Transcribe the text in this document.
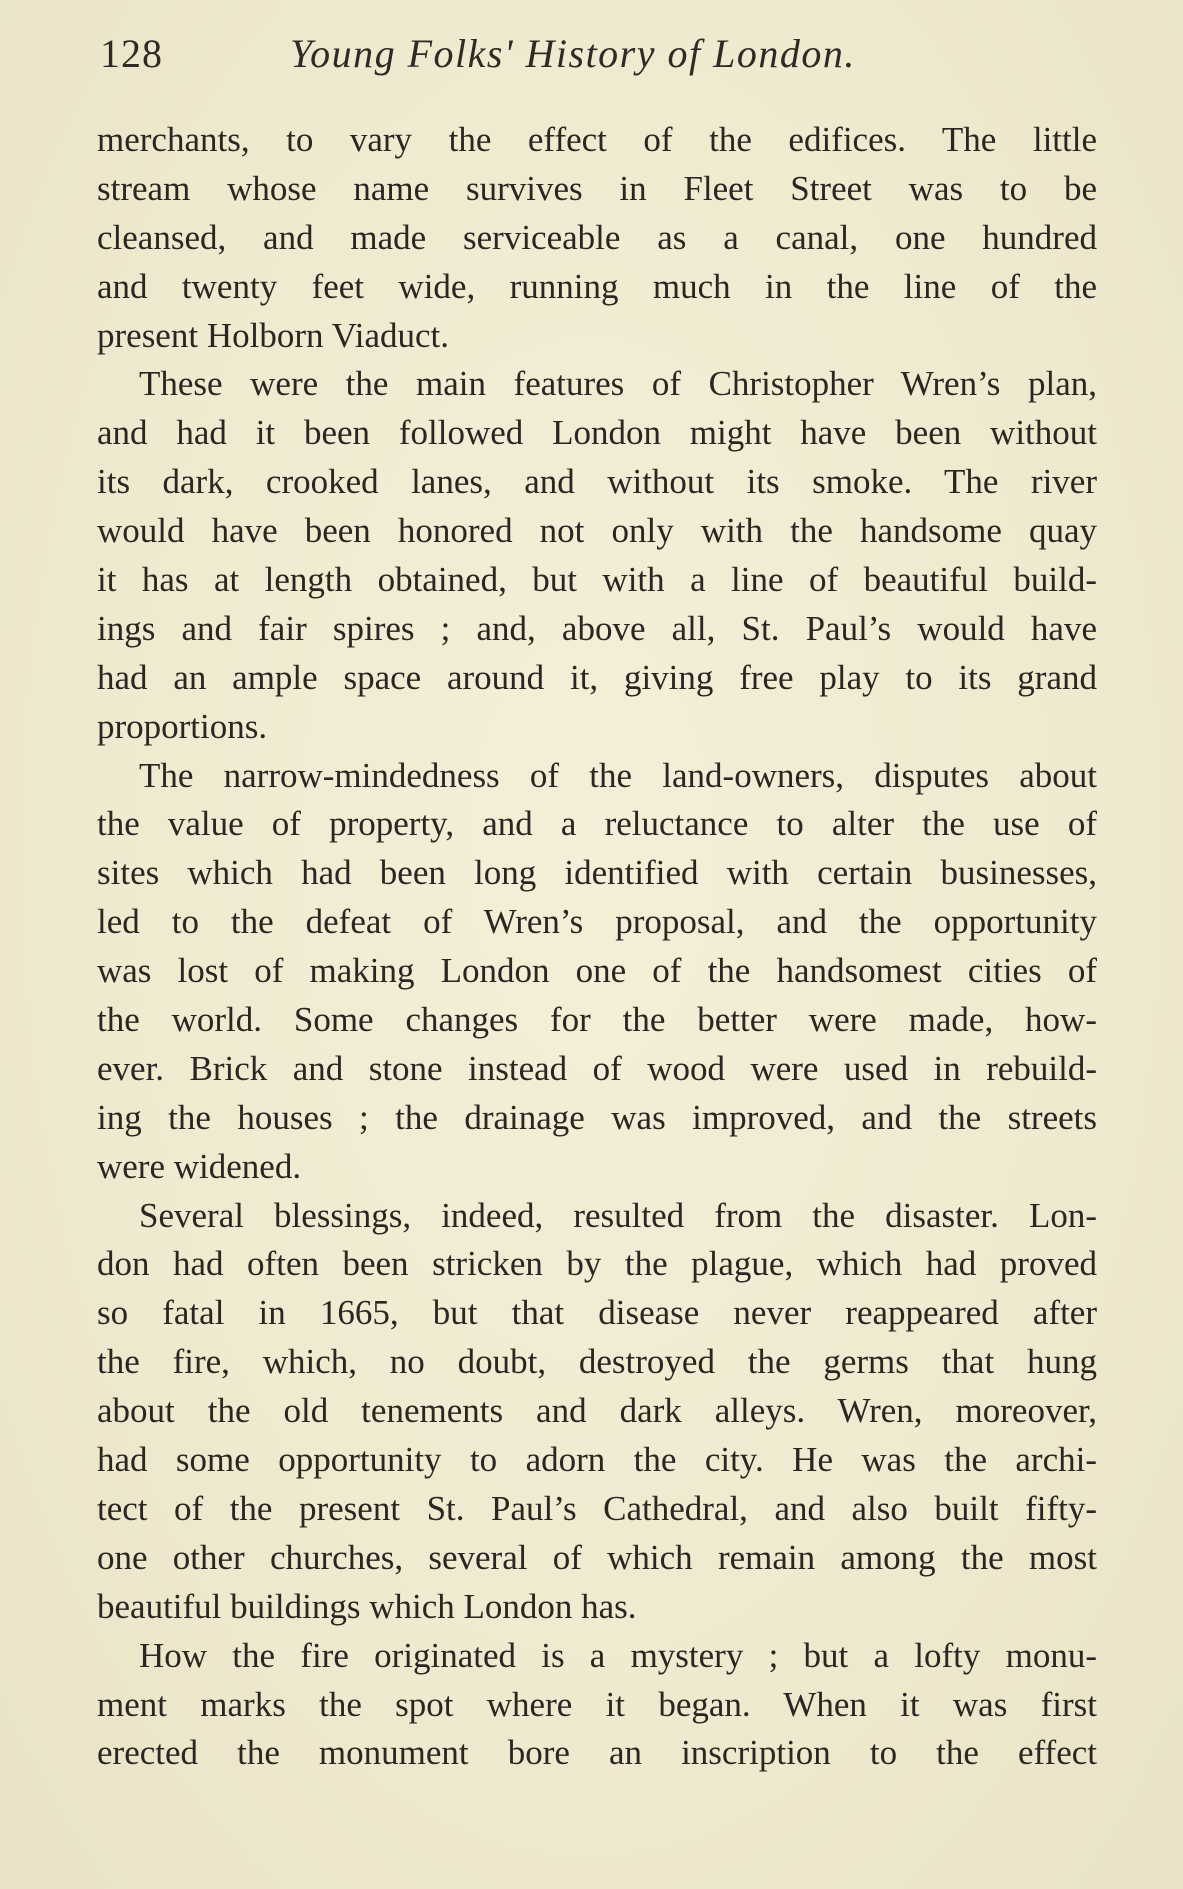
128	Young Folks' History of London.
merchants, to vary the effect of the edifices. The little
stream whose name survives in Fleet Street was to be
cleansed, and made serviceable as a canal, one hundred
and twenty feet wide, running much in the line of the
present Holborn Viaduct.
These were the main features of Christopher Wren’s plan,
and had it been followed London might have been without
its dark, crooked lanes, and without its smoke. The river
would have been honored not only with the handsome quay
it has at length obtained, but with a line of beautiful build-
ings and fair spires ; and, above all, St. Paul’s would have
had an ample space around it, giving free play to its grand
proportions.
The narrow-mindedness of the land-owners, disputes about
the value of property, and a reluctance to alter the use of
sites which had been long identified with certain businesses,
led to the defeat of Wren’s proposal, and the opportunity
was lost of making London one of the handsomest cities of
the world. Some changes for the better were made, how-
ever. Brick and stone instead of wood were used in rebuild-
ing the houses ; the drainage was improved, and the streets
were widened.
Several blessings, indeed, resulted from the disaster. Lon-
don had often been stricken by the plague, which had proved
so fatal in 1665, but that disease never reappeared after
the fire, which, no doubt, destroyed the germs that hung
about the old tenements and dark alleys. Wren, moreover,
had some opportunity to adorn the city. He was the archi-
tect of the present St. Paul’s Cathedral, and also built fifty-
one other churches, several of which remain among the most
beautiful buildings which London has.
How the fire originated is a mystery ; but a lofty monu-
ment marks the spot where it began. When it was first
erected the monument bore an inscription to the effect
